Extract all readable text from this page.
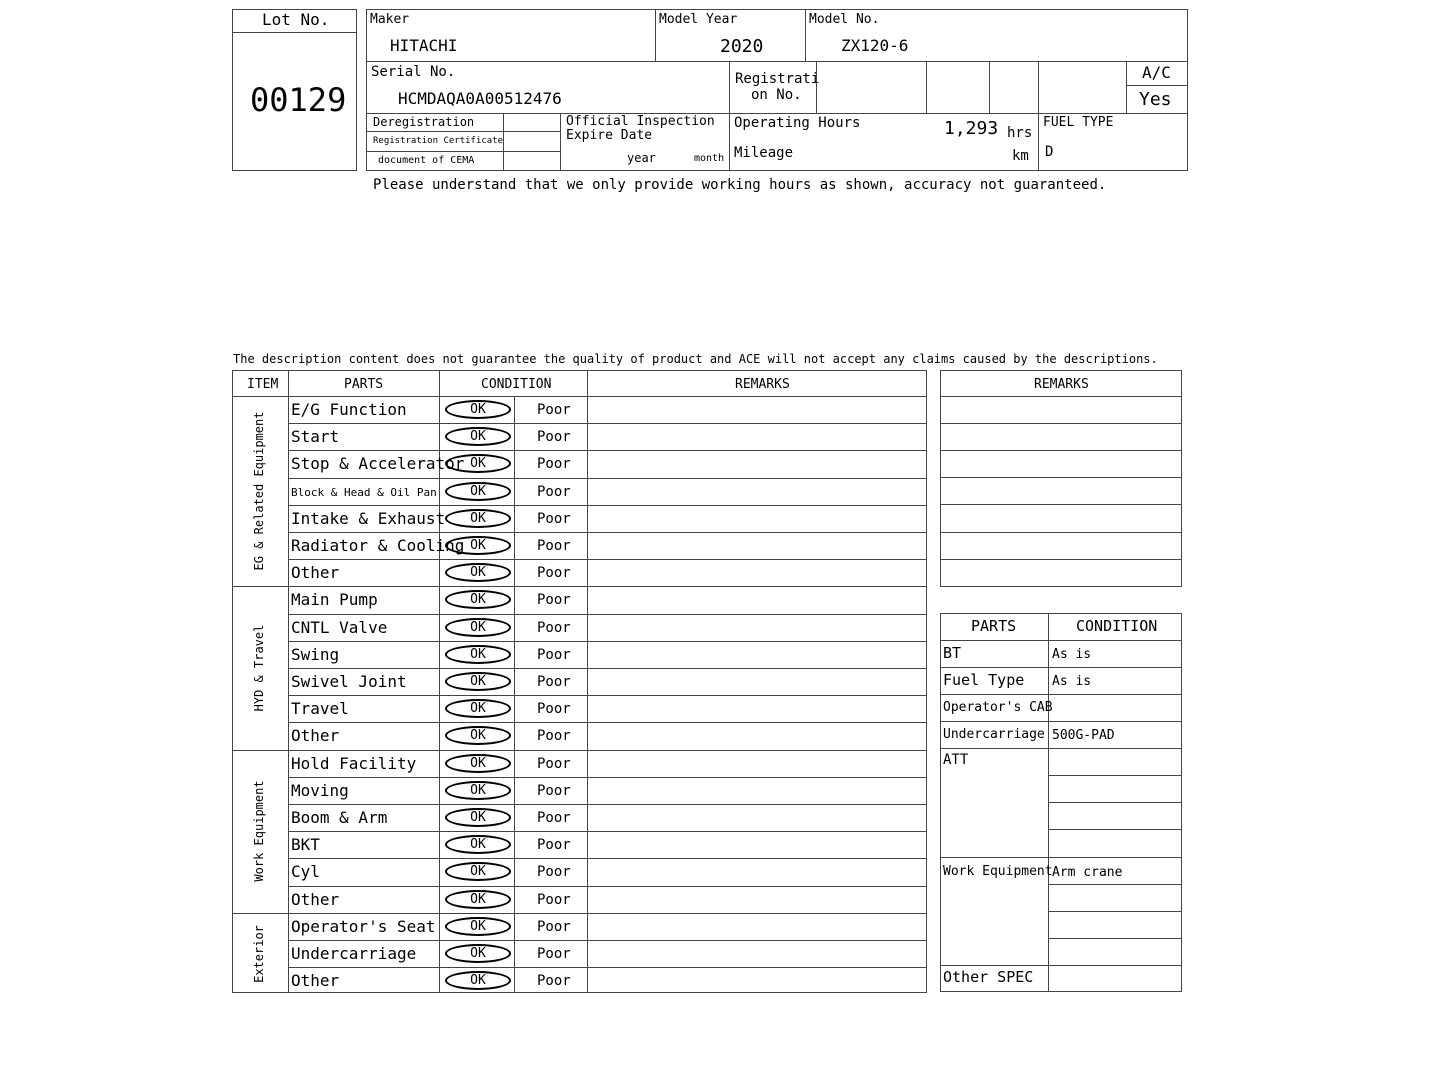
Lot No.
00129
Maker
HITACHI
Model Year
2020
Model No.
ZX120-6
Serial No.
HCMDAQA0A00512476
Registrati
on No.
A/C
Yes
Deregistration
Registration Certificate
document of CEMA
Official Inspection
Expire Date
year	month
Operating Hours	1,293 hrs
Mileage	km
FUEL TYPE
D
Please understand that we only provide working hours as shown, accuracy not guaranteed.
The description content does not guarantee the quality of product and ACE will not accept any claims caused by the descriptions.
ITEM	PARTS	CONDITION	REMARKS
E/G Function	OK	Poor
Start	OK	Poor
Stop & Accelerator OK	Poor
Block & Head & Oil Pan	OK	Poor
Intake & Exhaust	OK	Poor
Radiator & Cooling OK	Poor
Other	OK	Poor
EG & Related Equipment
Main Pump	OK	Poor
CNTL Valve	OK	Poor
Swing	OK	Poor
Swivel Joint	OK	Poor
Travel	OK	Poor
Other	OK	Poor
HYD & Travel
Hold Facility	OK	Poor
Moving	OK	Poor
Boom & Arm	OK	Poor
BKT	OK	Poor
Cyl	OK	Poor
Other	OK	Poor
Work Equipment
Operator's Seat	OK	Poor
Undercarriage	OK	Poor
Other	OK	Poor
Exterior
REMARKS
PARTS	CONDITION
BT	As is
Fuel Type As is
Operator's CAB
Undercarriage 500G-PAD
ATT
Work Equipment Arm crane
Other SPEC
